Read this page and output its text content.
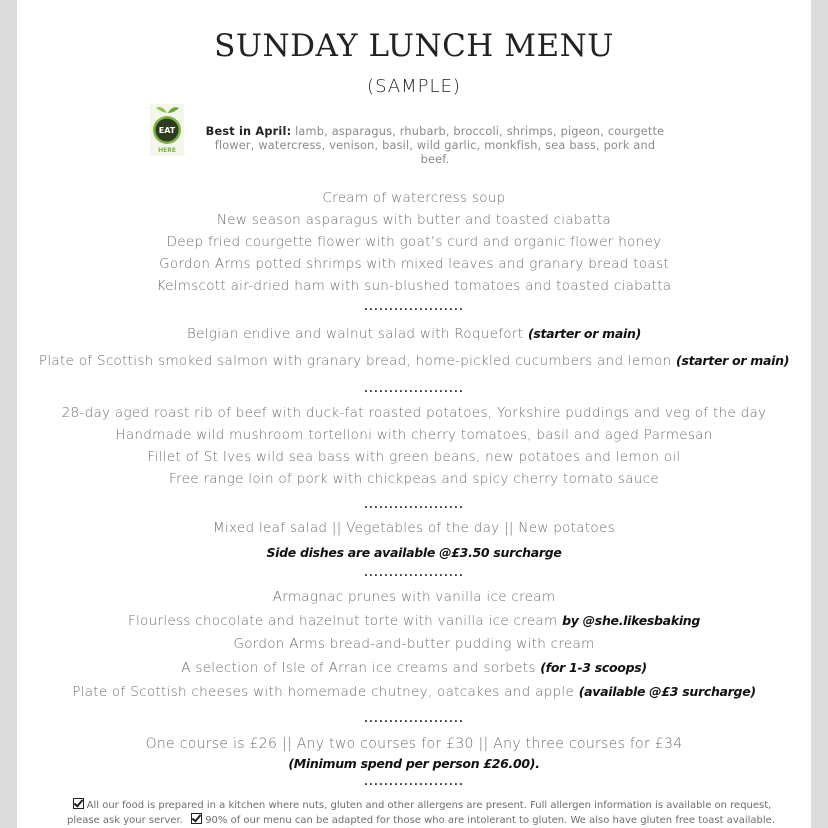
SUNDAY LUNCH MENU
(SAMPLE)
EAT
HERE
Best in April: lamb, asparagus, rhubarb, broccoli, shrimps, pigeon, courgette flower, watercress, venison, basil, wild garlic, monkfish, sea bass, pork and beef.
Cream of watercress soup
New season asparagus with butter and toasted ciabatta
Deep fried courgette flower with goat’s curd and organic flower honey
Gordon Arms potted shrimps with mixed leaves and granary bread toast
Kelmscott air-dried ham with sun-blushed tomatoes and toasted ciabatta
....................
Belgian endive and walnut salad with Roquefort (starter or main)
Plate of Scottish smoked salmon with granary bread, home-pickled cucumbers and lemon (starter or main)
....................
28-day aged roast rib of beef with duck-fat roasted potatoes, Yorkshire puddings and veg of the day
Handmade wild mushroom tortelloni with cherry tomatoes, basil and aged Parmesan
Fillet of St Ives wild sea bass with green beans, new potatoes and lemon oil
Free range loin of pork with chickpeas and spicy cherry tomato sauce
....................
Mixed leaf salad || Vegetables of the day || New potatoes
Side dishes are available @£3.50 surcharge
....................
Armagnac prunes with vanilla ice cream
Flourless chocolate and hazelnut torte with vanilla ice cream by @she.likesbaking
Gordon Arms bread-and-butter pudding with cream
A selection of Isle of Arran ice creams and sorbets (for 1-3 scoops)
Plate of Scottish cheeses with homemade chutney, oatcakes and apple (available @£3 surcharge)
....................
One course is £26 || Any two courses for £30 || Any three courses for £34
(Minimum spend per person £26.00).
....................
All our food is prepared in a kitchen where nuts, gluten and other allergens are present. Full allergen information is available on request, please ask your server. 90% of our menu can be adapted for those who are intolerant to gluten. We also have gluten free toast available.
